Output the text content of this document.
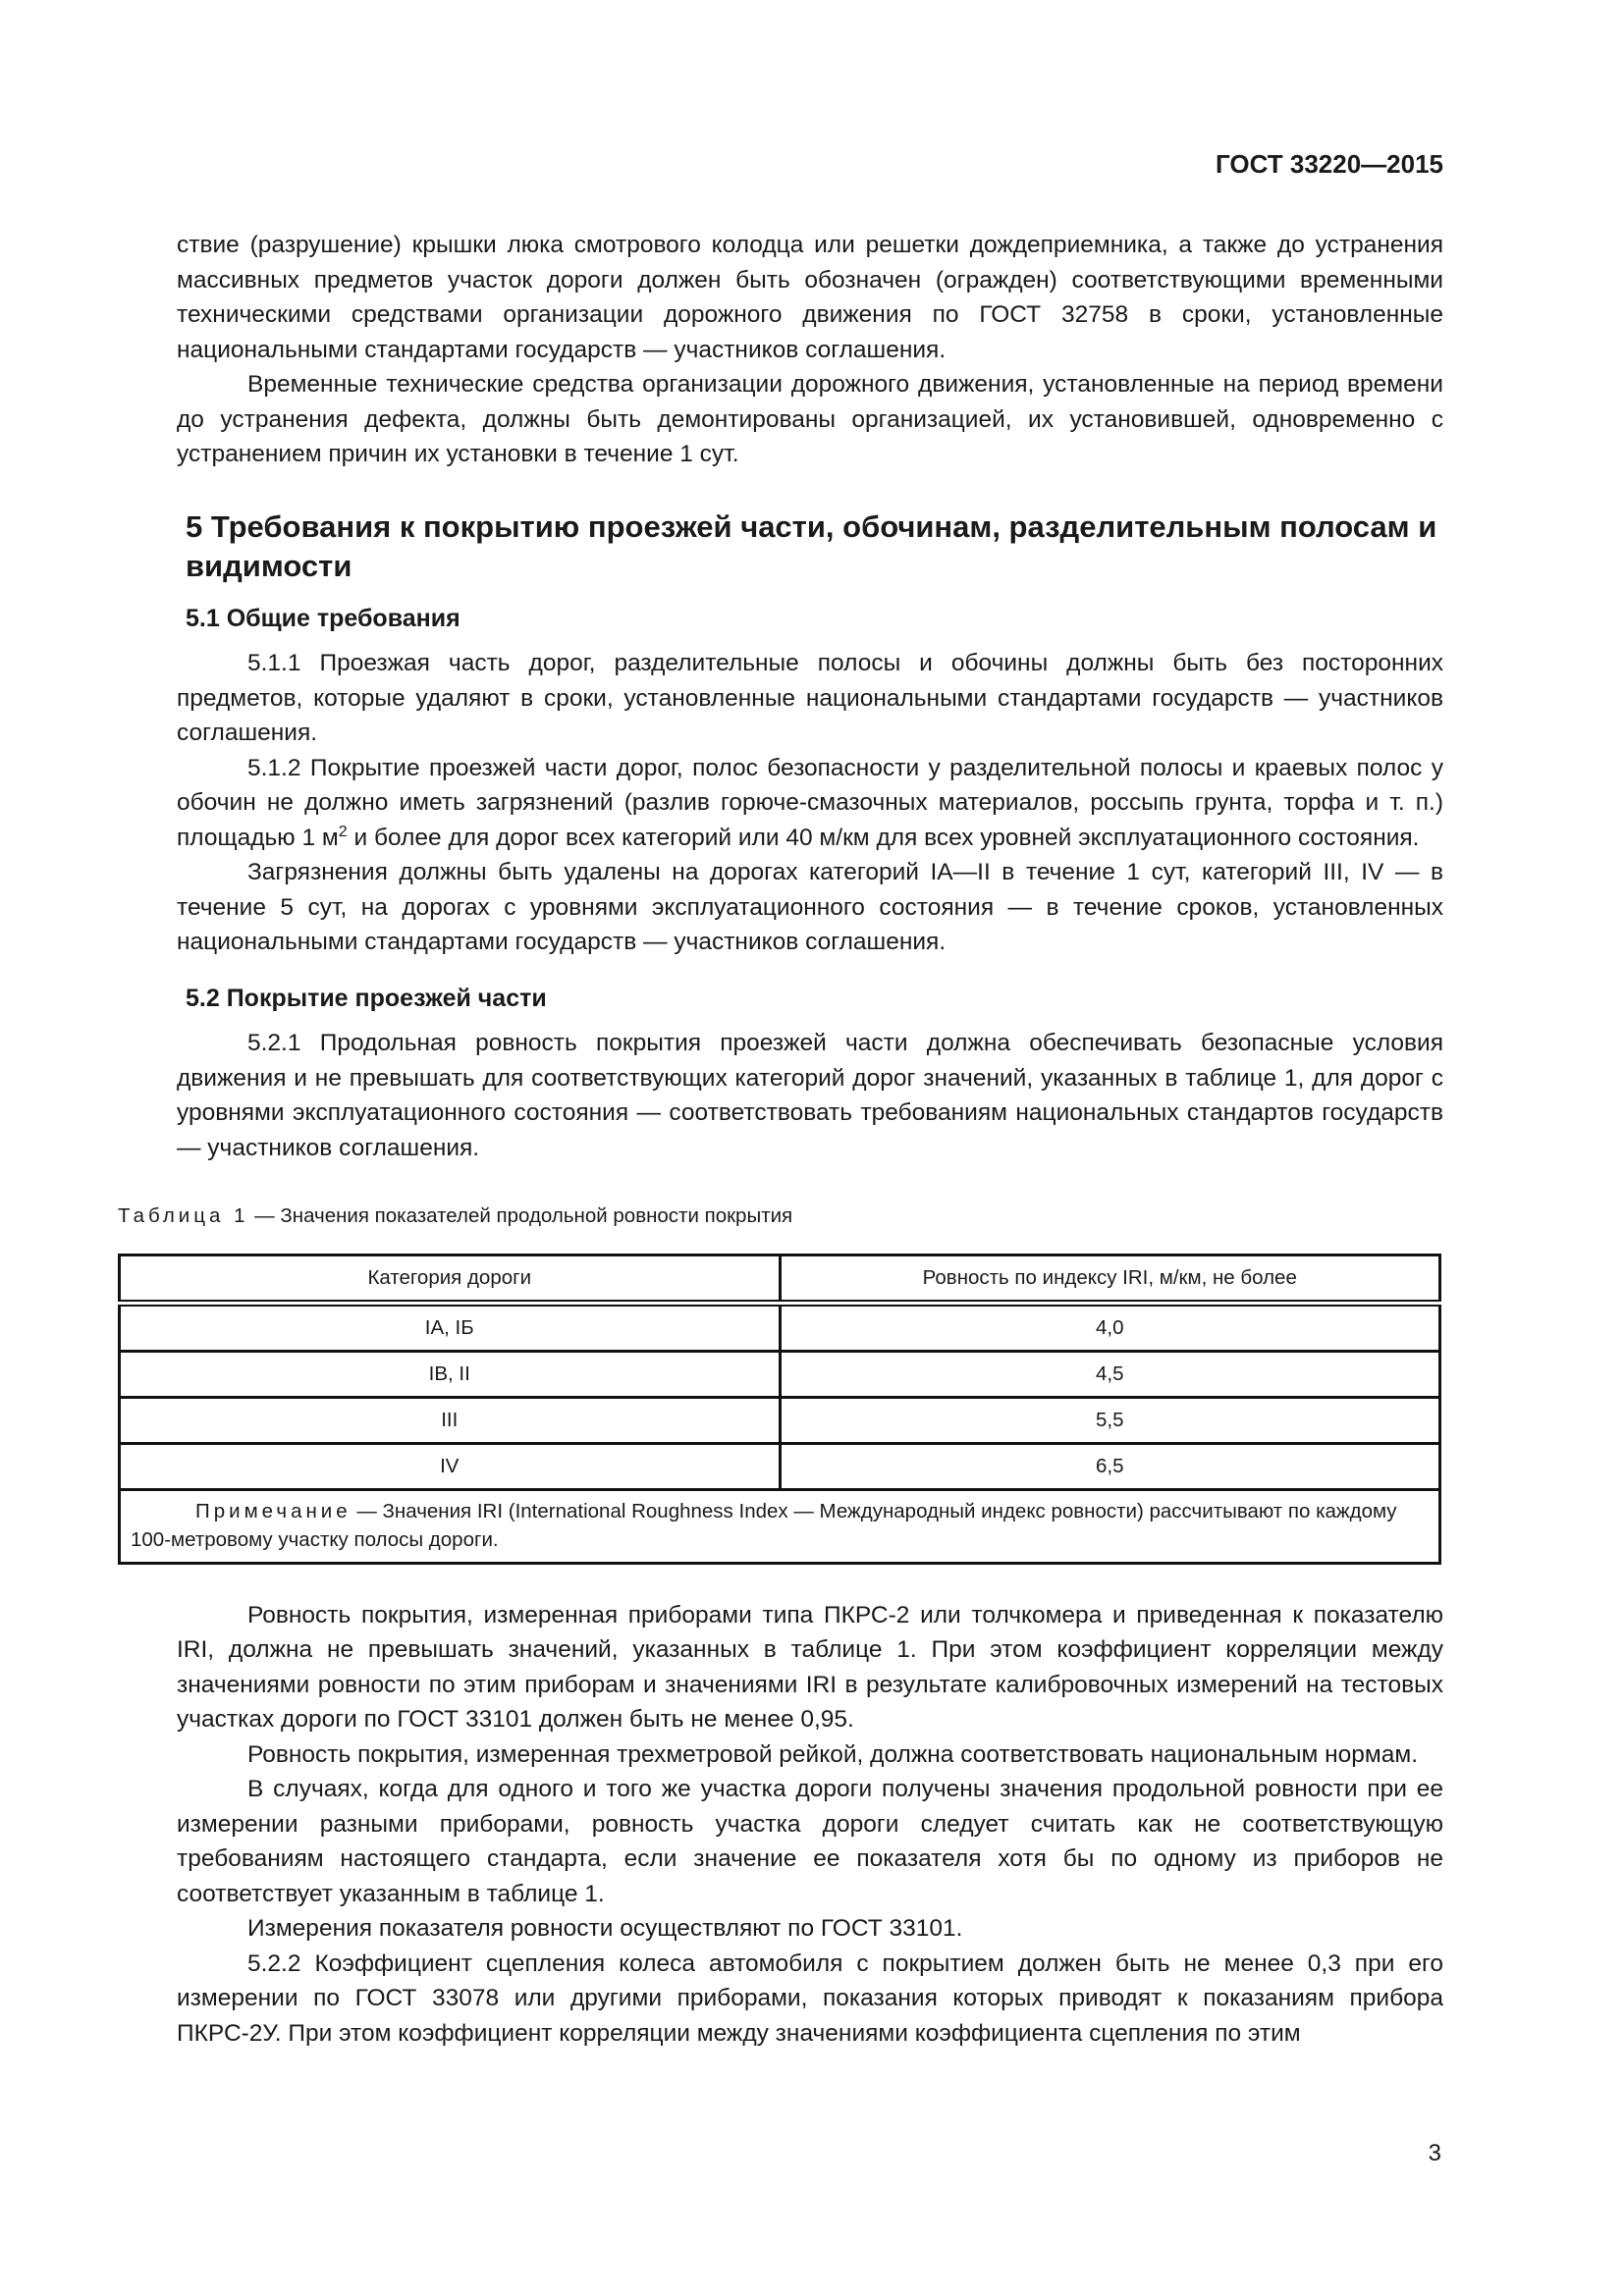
ГОСТ 33220—2015

ствие (разрушение) крышки люка смотрового колодца или решетки дождеприемника, а также до устранения массивных предметов участок дороги должен быть обозначен (огражден) соответствующими временными техническими средствами организации дорожного движения по ГОСТ 32758 в сроки, установленные национальными стандартами государств — участников соглашения.

Временные технические средства организации дорожного движения, установленные на период времени до устранения дефекта, должны быть демонтированы организацией, их установившей, одновременно с устранением причин их установки в течение 1 сут.

5 Требования к покрытию проезжей части, обочинам, разделительным полосам и видимости
5.1 Общие требования

5.1.1 Проезжая часть дорог, разделительные полосы и обочины должны быть без посторонних предметов, которые удаляют в сроки, установленные национальными стандартами государств — участников соглашения.

5.1.2 Покрытие проезжей части дорог, полос безопасности у разделительной полосы и краевых полос у обочин не должно иметь загрязнений (разлив горюче-смазочных материалов, россыпь грунта, торфа и т. п.) площадью 1 $м^2$ и более для дорог всех категорий или 40 м/км для всех уровней эксплуатационного состояния.

Загрязнения должны быть удалены на дорогах категорий IA—II в течение 1 сут, категорий III, IV — в течение 5 сут, на дорогах с уровнями эксплуатационного состояния — в течение сроков, установленных национальными стандартами государств — участников соглашения.

5.2 Покрытие проезжей части

5.2.1 Продольная ровность покрытия проезжей части должна обеспечивать безопасные условия движения и не превышать для соответствующих категорий дорог значений, указанных в таблице 1, для дорог с уровнями эксплуатационного состояния — соответствовать требованиям национальных стандартов государств — участников соглашения.

Таблица 1 — Значения показателей продольной ровности покрытия
Категория дороги	Ровность по индексу IRI, м/км, не более
IA, IБ	4,0
IB, II	4,5
III	5,5
IV	6,5
Примечание — Значения IRI (International Roughness Index — Международный индекс ровности) рассчитывают по каждому 100-метровому участку полосы дороги.	

Ровность покрытия, измеренная приборами типа ПКРС-2 или толчкомера и приведенная к показателю IRI, должна не превышать значений, указанных в таблице 1. При этом коэффициент корреляции между значениями ровности по этим приборам и значениями IRI в результате калибровочных измерений на тестовых участках дороги по ГОСТ 33101 должен быть не менее 0,95.

Ровность покрытия, измеренная трехметровой рейкой, должна соответствовать национальным нормам.

В случаях, когда для одного и того же участка дороги получены значения продольной ровности при ее измерении разными приборами, ровность участка дороги следует считать как не соответствующую требованиям настоящего стандарта, если значение ее показателя хотя бы по одному из приборов не соответствует указанным в таблице 1.

Измерения показателя ровности осуществляют по ГОСТ 33101.

5.2.2 Коэффициент сцепления колеса автомобиля с покрытием должен быть не менее 0,3 при его измерении по ГОСТ 33078 или другими приборами, показания которых приводят к показаниям прибора ПКРС-2У. При этом коэффициент корреляции между значениями коэффициента сцепления по этим

3
